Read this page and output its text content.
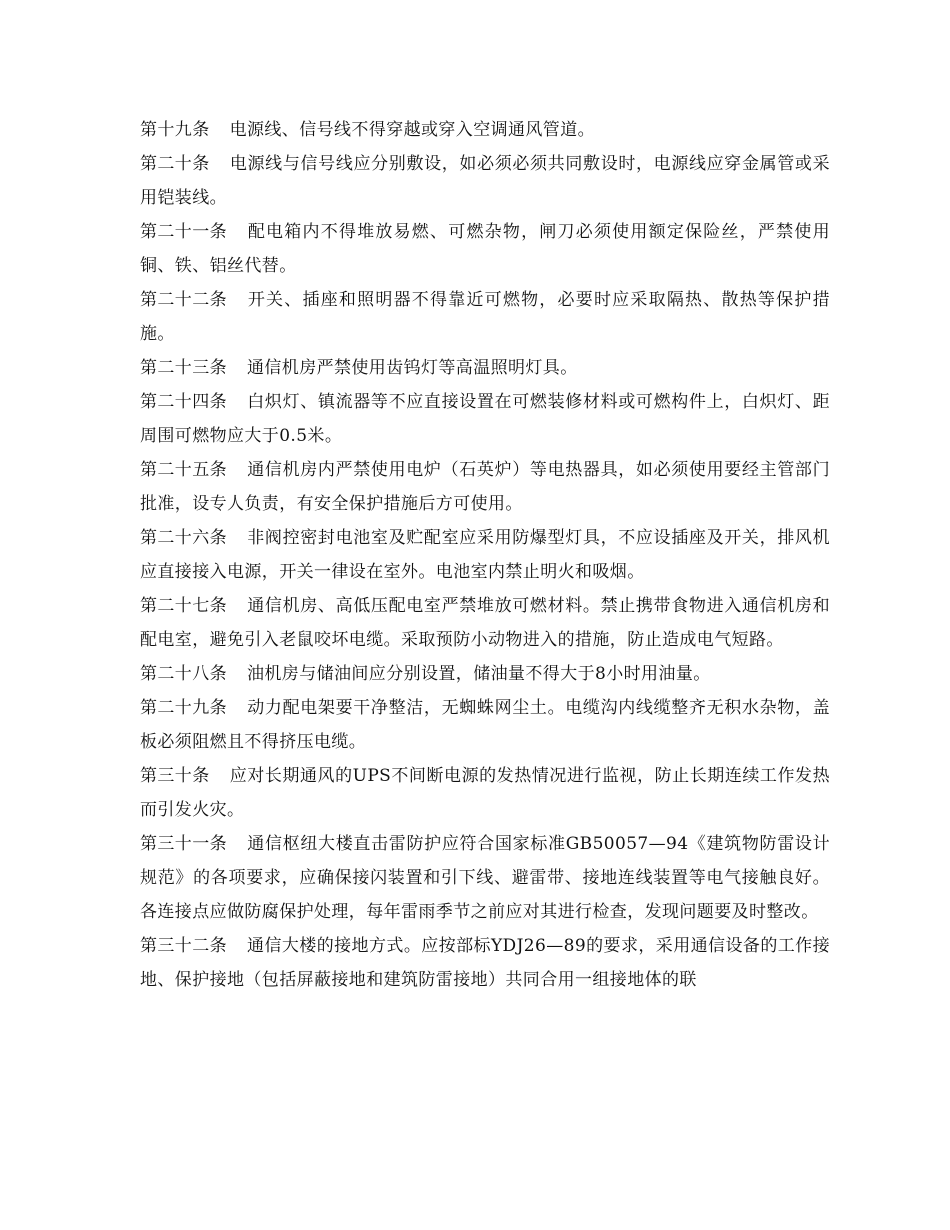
第十九条 电源线、信号线不得穿越或穿入空调通风管道。

第二十条 电源线与信号线应分别敷设，如必须必须共同敷设时，电源线应穿金属管或采用铠装线。

第二十一条 配电箱内不得堆放易燃、可燃杂物，闸刀必须使用额定保险丝，严禁使用铜、铁、铝丝代替。

第二十二条 开关、插座和照明器不得靠近可燃物，必要时应采取隔热、散热等保护措施。

第二十三条 通信机房严禁使用齿钨灯等高温照明灯具。

第二十四条 白炽灯、镇流器等不应直接设置在可燃装修材料或可燃构件上，白炽灯、距周围可燃物应大于0.5米。

第二十五条 通信机房内严禁使用电炉（石英炉）等电热器具，如必须使用要经主管部门批准，设专人负责，有安全保护措施后方可使用。

第二十六条 非阀控密封电池室及贮配室应采用防爆型灯具，不应设插座及开关，排风机应直接接入电源，开关一律设在室外。电池室内禁止明火和吸烟。

第二十七条 通信机房、高低压配电室严禁堆放可燃材料。禁止携带食物进入通信机房和配电室，避免引入老鼠咬坏电缆。采取预防小动物进入的措施，防止造成电气短路。

第二十八条 油机房与储油间应分别设置，储油量不得大于8小时用油量。

第二十九条 动力配电架要干净整洁，无蜘蛛网尘土。电缆沟内线缆整齐无积水杂物，盖板必须阻燃且不得挤压电缆。

第三十条 应对长期通风的UPS不间断电源的发热情况进行监视，防止长期连续工作发热而引发火灾。

第三十一条 通信枢纽大楼直击雷防护应符合国家标准GB50057—94《建筑物防雷设计规范》的各项要求，应确保接闪装置和引下线、避雷带、接地连线装置等电气接触良好。各连接点应做防腐保护处理，每年雷雨季节之前应对其进行检查，发现问题要及时整改。

第三十二条 通信大楼的接地方式。应按部标YDJ26—89的要求，采用通信设备的工作接地、保护接地（包括屏蔽接地和建筑防雷接地）共同合用一组接地体的联
